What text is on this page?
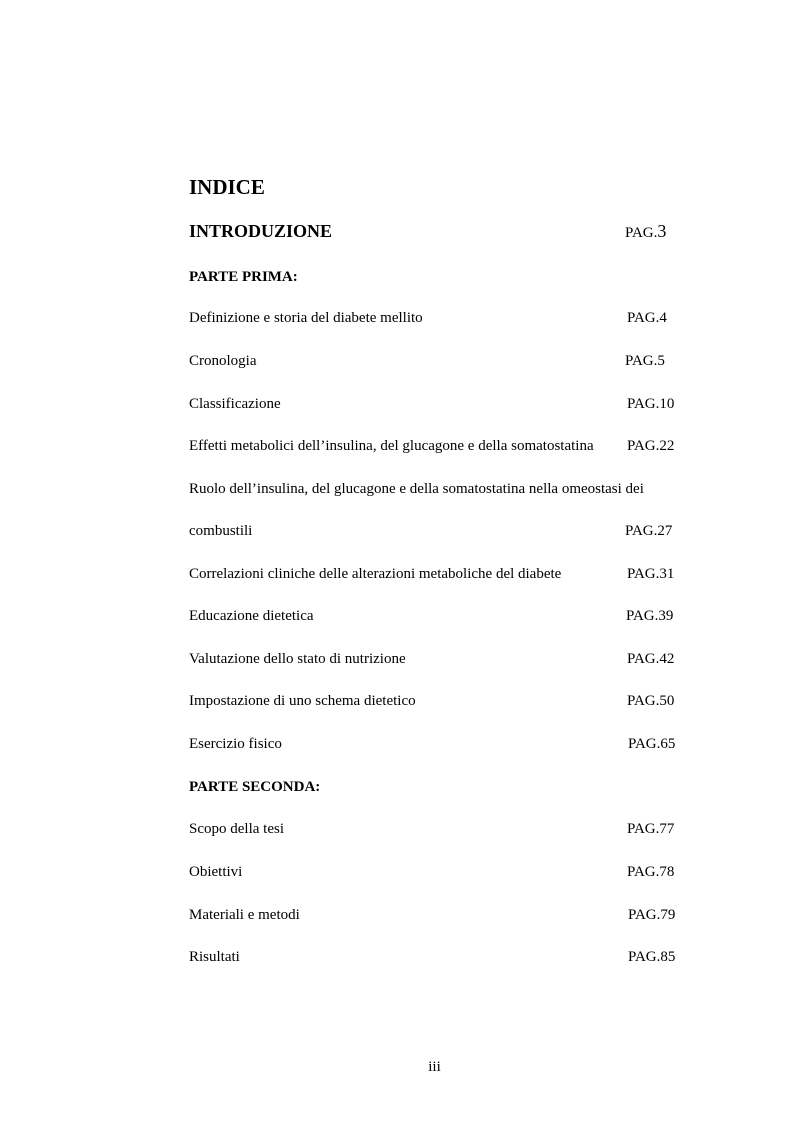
INDICE
INTRODUZIONE	PAG.3
PARTE PRIMA:
Definizione e storia del diabete mellito	PAG.4
Cronologia	PAG.5
Classificazione	PAG.10
Effetti metabolici dell’insulina, del glucagone e della somatostatina PAG.22
Ruolo dell’insulina, del glucagone e della somatostatina nella omeostasi dei
combustili	PAG.27
Correlazioni cliniche delle alterazioni metaboliche del diabete	PAG.31
Educazione dietetica	PAG.39
Valutazione dello stato di nutrizione	PAG.42
Impostazione di uno schema dietetico	PAG.50
Esercizio fisico	PAG.65
PARTE SECONDA:
Scopo della tesi	PAG.77
Obiettivi	PAG.78
Materiali e metodi	PAG.79
Risultati	PAG.85
iii
